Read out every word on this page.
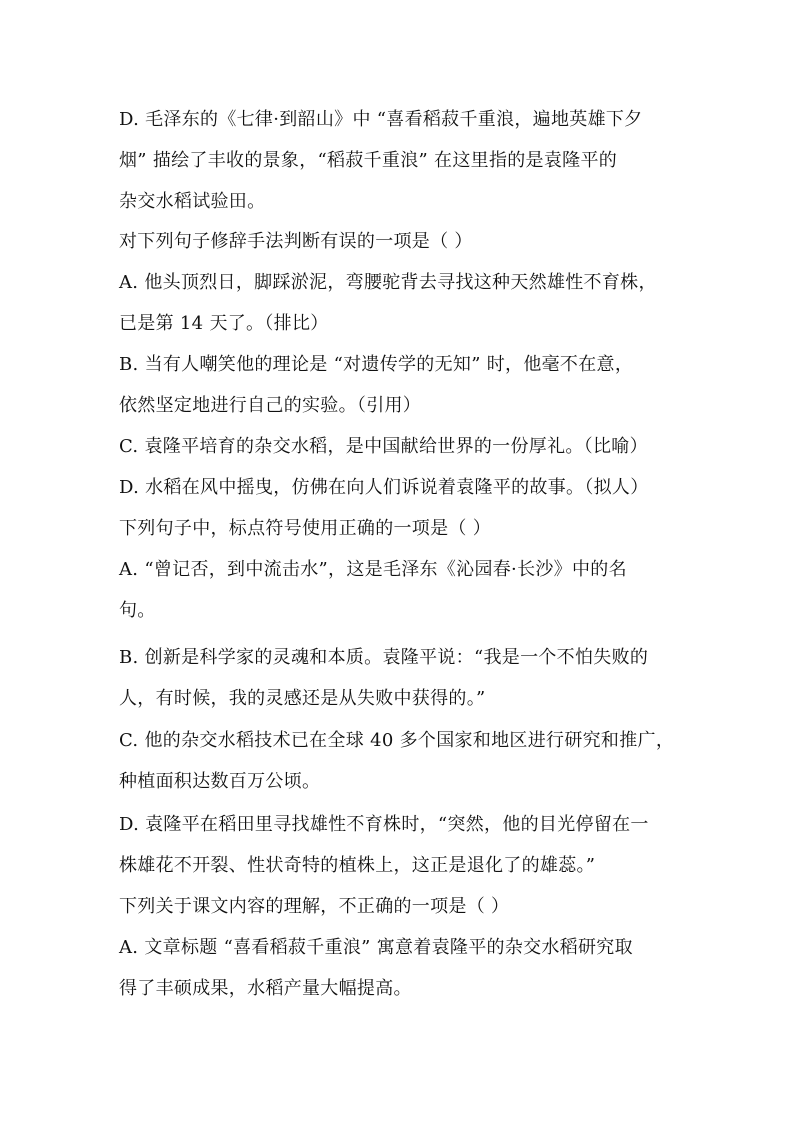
D. 毛泽东的《七律·到韶山》中 “喜看稻菽千重浪，遍地英雄下夕
烟” 描绘了丰收的景象，“稻菽千重浪” 在这里指的是袁隆平的
杂交水稻试验田。
对下列句子修辞手法判断有误的一项是（ ）
A. 他头顶烈日，脚踩淤泥，弯腰驼背去寻找这种天然雄性不育株，
已是第 14 天了。（排比）
B. 当有人嘲笑他的理论是 “对遗传学的无知” 时，他毫不在意，
依然坚定地进行自己的实验。（引用）
C. 袁隆平培育的杂交水稻，是中国献给世界的一份厚礼。（比喻）
D. 水稻在风中摇曳，仿佛在向人们诉说着袁隆平的故事。（拟人）
下列句子中，标点符号使用正确的一项是（ ）
A. “曾记否，到中流击水”，这是毛泽东《沁园春·长沙》中的名
句。
B. 创新是科学家的灵魂和本质。袁隆平说：“我是一个不怕失败的
人，有时候，我的灵感还是从失败中获得的。”
C. 他的杂交水稻技术已在全球 40 多个国家和地区进行研究和推广，
种植面积达数百万公顷。
D. 袁隆平在稻田里寻找雄性不育株时，“突然，他的目光停留在一
株雄花不开裂、性状奇特的植株上，这正是退化了的雄蕊。”
下列关于课文内容的理解，不正确的一项是（ ）
A. 文章标题 “喜看稻菽千重浪” 寓意着袁隆平的杂交水稻研究取
得了丰硕成果，水稻产量大幅提高。
